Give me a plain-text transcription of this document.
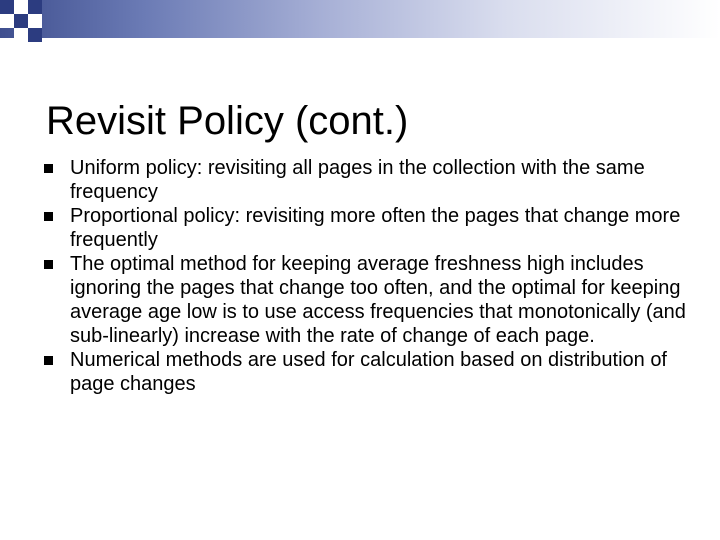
Revisit Policy (cont.)
Uniform policy: revisiting all pages in the collection with the same frequency
Proportional policy: revisiting more often the pages that change more frequently
The optimal method for keeping average freshness high includes ignoring the pages that change too often, and the optimal for keeping average age low is to use access frequencies that monotonically (and sub-linearly) increase with the rate of change of each page.
Numerical methods are used for calculation based on distribution of page changes
